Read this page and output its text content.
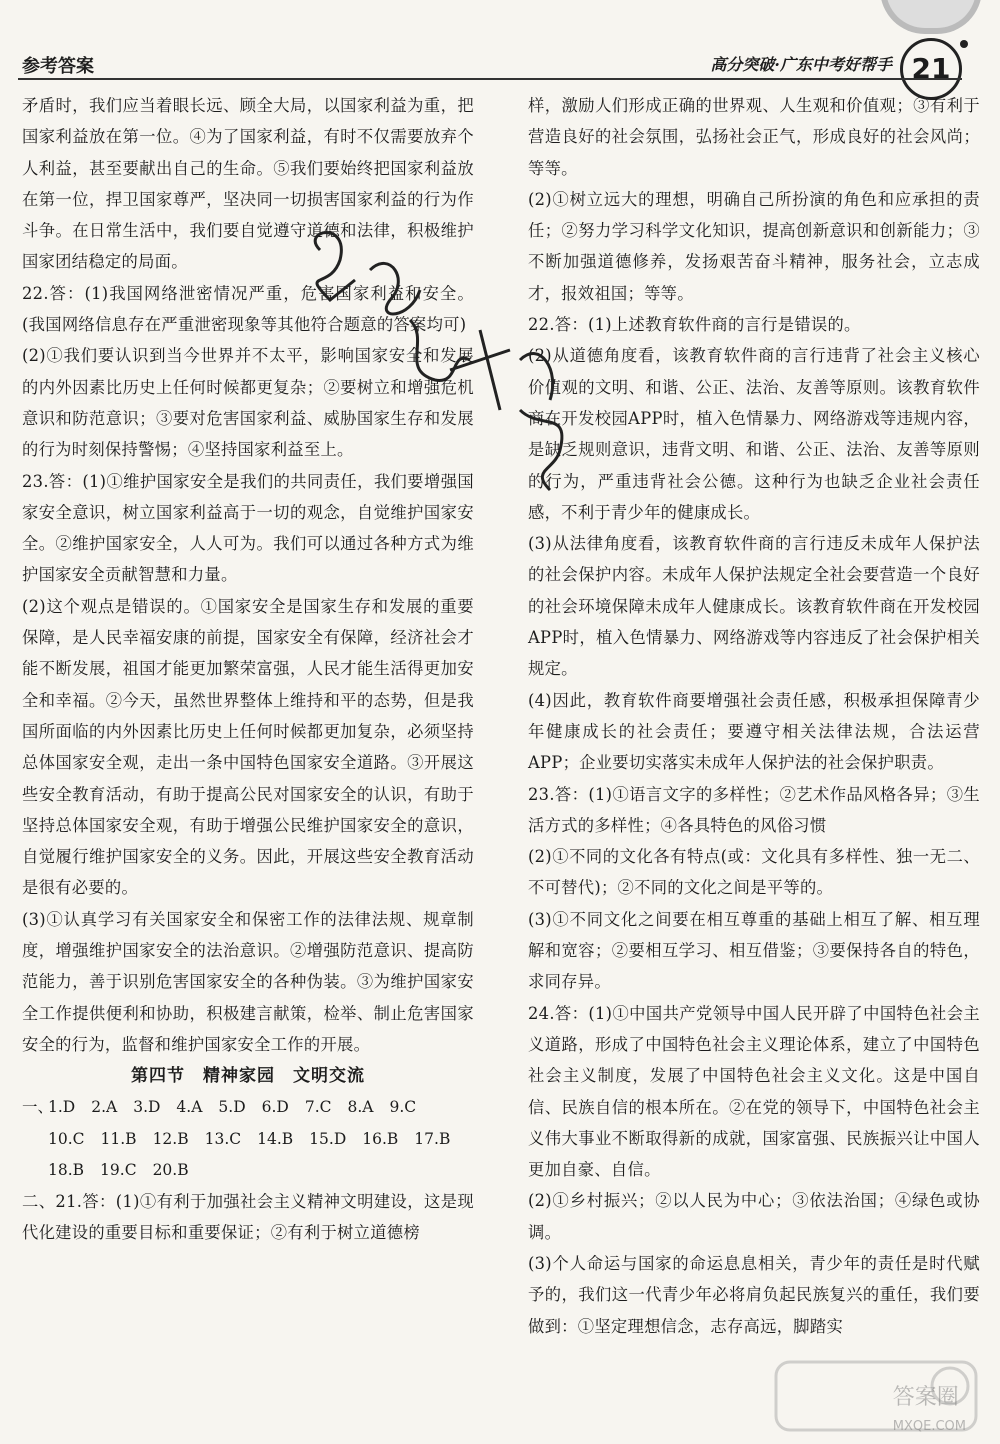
参考答案	高分突破·广东中考好帮手 21

矛盾时，我们应当着眼长远、顾全大局，以国家利益为重，把国家利益放在第一位。④为了国家利益，有时不仅需要放弃个人利益，甚至要献出自己的生命。⑤我们要始终把国家利益放在第一位，捍卫国家尊严，坚决同一切损害国家利益的行为作斗争。在日常生活中，我们要自觉遵守道德和法律，积极维护国家团结稳定的局面。

22.答：(1)我国网络泄密情况严重，危害国家利益和安全。(我国网络信息存在严重泄密现象等其他符合题意的答案均可)

(2)①我们要认识到当今世界并不太平，影响国家安全和发展的内外因素比历史上任何时候都更复杂；②要树立和增强危机意识和防范意识；③要对危害国家利益、威胁国家生存和发展的行为时刻保持警惕；④坚持国家利益至上。

23.答：(1)①维护国家安全是我们的共同责任，我们要增强国家安全意识，树立国家利益高于一切的观念，自觉维护国家安全。②维护国家安全，人人可为。我们可以通过各种方式为维护国家安全贡献智慧和力量。

(2)这个观点是错误的。①国家安全是国家生存和发展的重要保障，是人民幸福安康的前提，国家安全有保障，经济社会才能不断发展，祖国才能更加繁荣富强，人民才能生活得更加安全和幸福。②今天，虽然世界整体上维持和平的态势，但是我国所面临的内外因素比历史上任何时候都更加复杂，必须坚持总体国家安全观，走出一条中国特色国家安全道路。③开展这些安全教育活动，有助于提高公民对国家安全的认识，有助于坚持总体国家安全观，有助于增强公民维护国家安全的意识，自觉履行维护国家安全的义务。因此，开展这些安全教育活动是很有必要的。

(3)①认真学习有关国家安全和保密工作的法律法规、规章制度，增强维护国家安全的法治意识。②增强防范意识、提高防范能力，善于识别危害国家安全的各种伪装。③为维护国家安全工作提供便利和协助，积极建言献策，检举、制止危害国家安全的行为，监督和维护国家安全工作的开展。

第四节　精神家园　文明交流
一、
1.D 2.A 3.D 4.A 5.D 6.D 7.C 8.A 9.C
10.C 11.B 12.B 13.C 14.B 15.D 16.B 17.B
18.B 19.C 20.B

二、21.答：(1)①有利于加强社会主义精神文明建设，这是现代化建设的重要目标和重要保证；②有利于树立道德榜

样，激励人们形成正确的世界观、人生观和价值观；③有利于营造良好的社会氛围，弘扬社会正气，形成良好的社会风尚；等等。

(2)①树立远大的理想，明确自己所扮演的角色和应承担的责任；②努力学习科学文化知识，提高创新意识和创新能力；③不断加强道德修养，发扬艰苦奋斗精神，服务社会，立志成才，报效祖国；等等。

22.答：(1)上述教育软件商的言行是错误的。

(2)从道德角度看，该教育软件商的言行违背了社会主义核心价值观的文明、和谐、公正、法治、友善等原则。该教育软件商在开发校园APP时，植入色情暴力、网络游戏等违规内容，是缺乏规则意识，违背文明、和谐、公正、法治、友善等原则的行为，严重违背社会公德。这种行为也缺乏企业社会责任感，不利于青少年的健康成长。

(3)从法律角度看，该教育软件商的言行违反未成年人保护法的社会保护内容。未成年人保护法规定全社会要营造一个良好的社会环境保障未成年人健康成长。该教育软件商在开发校园APP时，植入色情暴力、网络游戏等内容违反了社会保护相关规定。

(4)因此，教育软件商要增强社会责任感，积极承担保障青少年健康成长的社会责任；要遵守相关法律法规，合法运营APP；企业要切实落实未成年人保护法的社会保护职责。

23.答：(1)①语言文字的多样性；②艺术作品风格各异；③生活方式的多样性；④各具特色的风俗习惯

(2)①不同的文化各有特点(或：文化具有多样性、独一无二、不可替代)；②不同的文化之间是平等的。

(3)①不同文化之间要在相互尊重的基础上相互了解、相互理解和宽容；②要相互学习、相互借鉴；③要保持各自的特色，求同存异。

24.答：(1)①中国共产党领导中国人民开辟了中国特色社会主义道路，形成了中国特色社会主义理论体系，建立了中国特色社会主义制度，发展了中国特色社会主义文化。这是中国自信、民族自信的根本所在。②在党的领导下，中国特色社会主义伟大事业不断取得新的成就，国家富强、民族振兴让中国人更加自豪、自信。

(2)①乡村振兴；②以人民为中心；③依法治国；④绿色或协调。

(3)个人命运与国家的命运息息相关，青少年的责任是时代赋予的，我们这一代青少年必将肩负起民族复兴的重任，我们要做到：①坚定理想信念，志存高远，脚踏实

答案圈
MXQE.COM
